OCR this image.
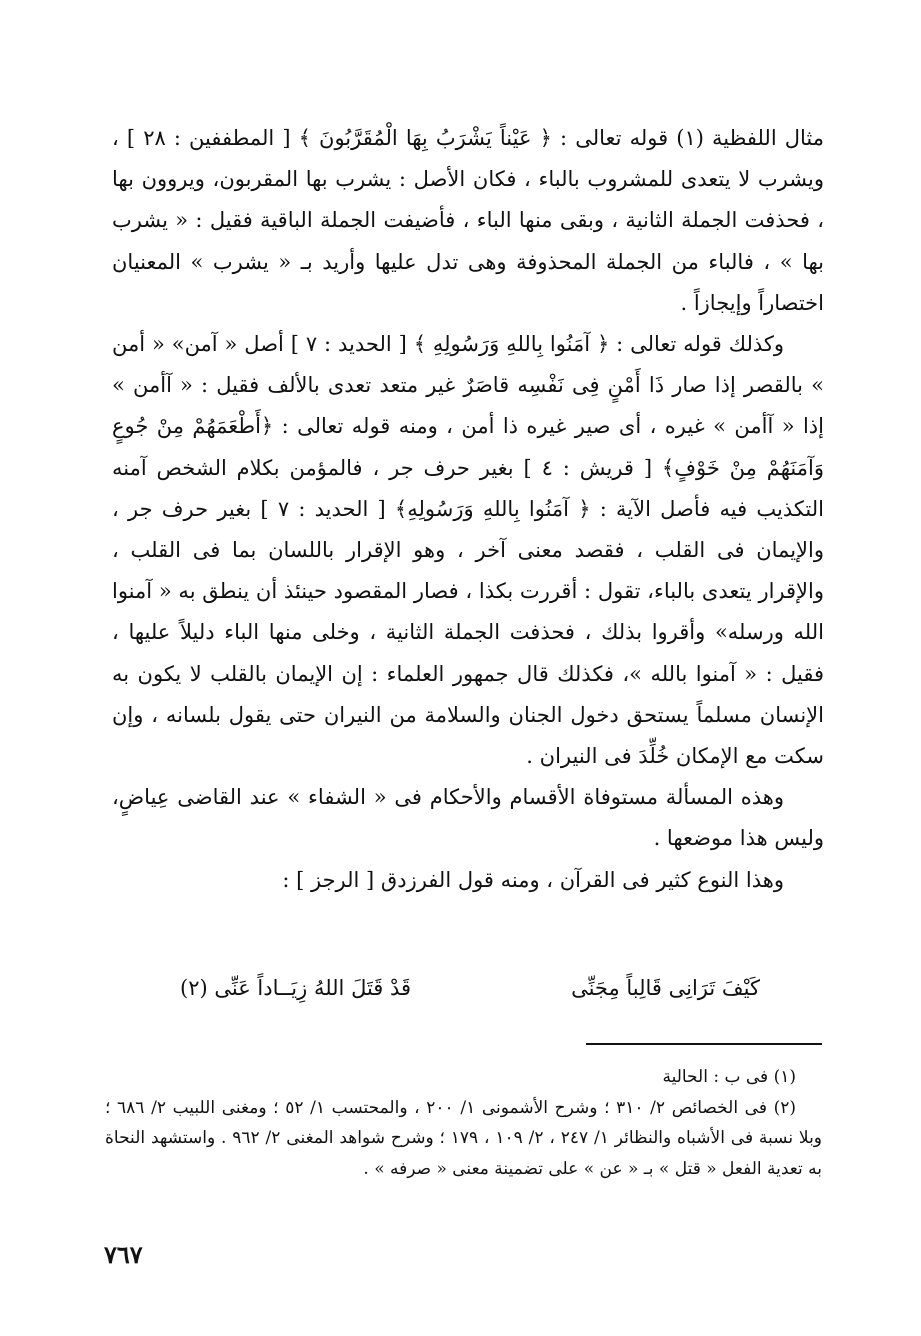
مثال اللفظية (١) قوله تعالى : ﴿ عَيْناً يَشْرَبُ بِهَا الْمُقَرَّبُونَ ﴾ [ المطففين : ٢٨ ] ، ويشرب لا يتعدى للمشروب بالباء ، فكان الأصل : يشرب بها المقربون، ويروون بها ، فحذفت الجملة الثانية ، وبقى منها الباء ، فأضيفت الجملة الباقية فقيل : « يشرب بها » ، فالباء من الجملة المحذوفة وهى تدل عليها وأريد بـ « يشرب » المعنيان اختصاراً وإيجازاً .

وكذلك قوله تعالى : ﴿ آمَنُوا بِاللهِ وَرَسُولِهِ ﴾ [ الحديد : ٧ ] أصل « آمن» « أمن » بالقصر إذا صار ذَا أَمْنٍ فِى نَفْسِه قاصَرٌ غير متعد تعدى بالألف فقيل : « آأمن » إذا « آأمن » غيره ، أى صير غيره ذا أمن ، ومنه قوله تعالى : ﴿أَطْعَمَهُمْ مِنْ جُوعٍ وَآمَنَهُمْ مِنْ خَوْفٍ﴾ [ قريش : ٤ ] بغير حرف جر ، فالمؤمن بكلام الشخص آمنه التكذيب فيه فأصل الآية : ﴿ آمَنُوا بِاللهِ وَرَسُولِهِ﴾ [ الحديد : ٧ ] بغير حرف جر ، والإيمان فى القلب ، فقصد معنى آخر ، وهو الإقرار باللسان بما فى القلب ، والإقرار يتعدى بالباء، تقول : أقررت بكذا ، فصار المقصود حينئذ أن ينطق به « آمنوا الله ورسله» وأقروا بذلك ، فحذفت الجملة الثانية ، وخلى منها الباء دليلاً عليها ، فقيل : « آمنوا بالله »، فكذلك قال جمهور العلماء : إن الإيمان بالقلب لا يكون به الإنسان مسلماً يستحق دخول الجنان والسلامة من النيران حتى يقول بلسانه ، وإن سكت مع الإمكان خُلِّدَ فى النيران .

وهذه المسألة مستوفاة الأقسام والأحكام فى « الشفاء » عند القاضى عِياضٍ، وليس هذا موضعها .

وهذا النوع كثير فى القرآن ، ومنه قول الفرزدق [ الرجز ] :

كَيْفَ تَرَانِى قَالِباً مِجَنِّى
قَدْ قَتَلَ اللهُ زِيَــاداً عَنِّى (٢)

(١) فى ب : الحالية

(٢) فى الخصائص ٢/ ٣١٠ ؛ وشرح الأشمونى ١/ ٢٠٠ ، والمحتسب ١/ ٥٢ ؛ ومغنى اللبيب ٢/ ٦٨٦ ؛ وبلا نسبة فى الأشباه والنظائر ١/ ٢٤٧ ، ٢/ ١٠٩ ، ١٧٩ ؛ وشرح شواهد المغنى ٢/ ٩٦٢ . واستشهد النحاة به تعدية الفعل « قتل » بـ « عن » على تضمينة معنى « صرفه » .

٧٦٧
